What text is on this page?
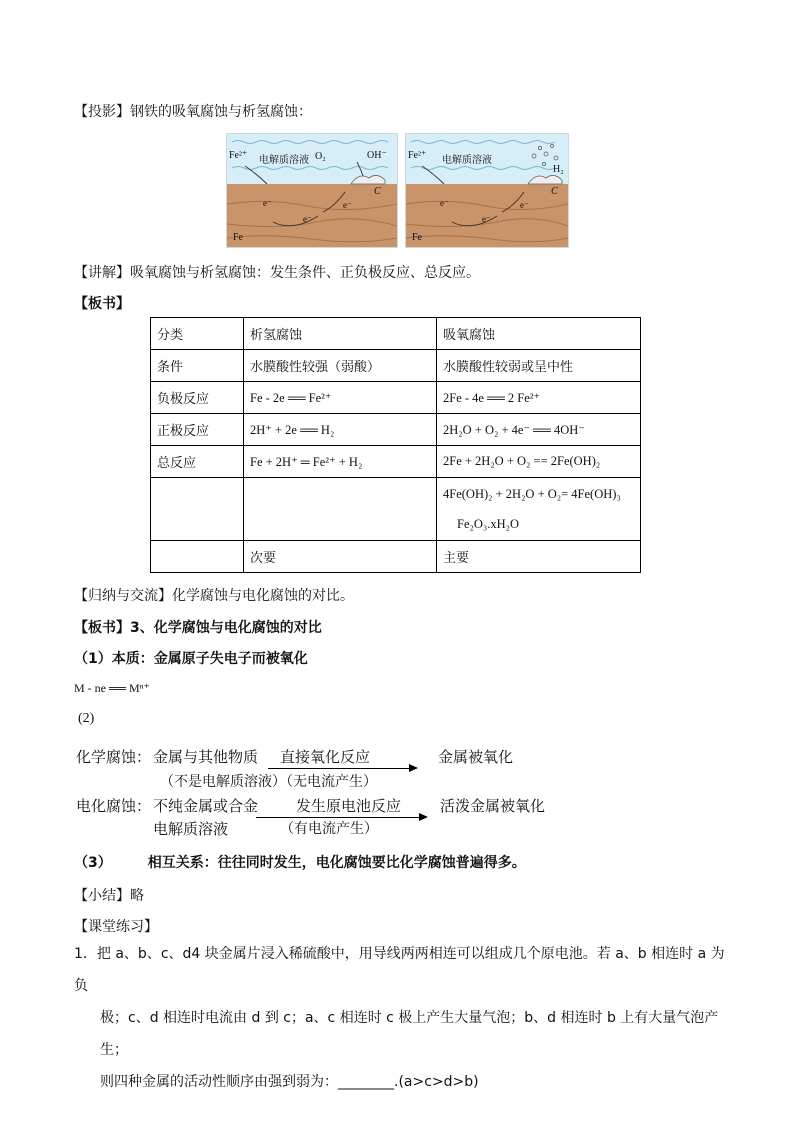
【投影】钢铁的吸氧腐蚀与析氢腐蚀：
Fe²⁺ 电解质溶液 O₂	OH⁻
e⁻
e⁻
e⁻
C
Fe
Fe²⁺ 电解质溶液
H₂
e⁻
e⁻
e⁻
C
Fe
【讲解】吸氧腐蚀与析氢腐蚀：发生条件、正负极反应、总反应。
【板书】
分类	析氢腐蚀	吸氧腐蚀
条件	水膜酸性较强（弱酸）	水膜酸性较弱或呈中性
负极反应	Fe - 2e ══ Fe²⁺	2Fe - 4e ══ 2 Fe²⁺
正极反应	2H⁺ + 2e ══ H₂	2H₂O + O₂ + 4e⁻ ══ 4OH⁻
总反应	Fe + 2H⁺ ═ Fe²⁺ + H₂	2Fe + 2H₂O + O₂ == 2Fe(OH)₂

		4Fe(OH)₂ + 2H₂O + O₂= 4Fe(OH)₃
Fe₂O₃.xH₂O

	次要	主要
【归纳与交流】化学腐蚀与电化腐蚀的对比。
【板书】3、化学腐蚀与电化腐蚀的对比
（1）本质：金属原子失电子而被氧化
M - ne ══ Mⁿ⁺
(2)
化学腐蚀： 金属与其他物质 直接氧化反应	金属被氧化
（不是电解质溶液）（无电流产生）
电化腐蚀： 不纯金属或合金	发生原电池反应	活泼金属被氧化
电解质溶液	（有电流产生）
（3）	相互关系：往往同时发生，电化腐蚀要比化学腐蚀普遍得多。
【小结】略
【课堂练习】
1．把 a、b、c、d4 块金属片浸入稀硫酸中，用导线两两相连可以组成几个原电池。若 a、b 相连时 a 为负
极；c、d 相连时电流由 d 到 c；a、c 相连时 c 极上产生大量气泡；b、d 相连时 b 上有大量气泡产生；
则四种金属的活动性顺序由强到弱为：________.(a>c>d>b)
